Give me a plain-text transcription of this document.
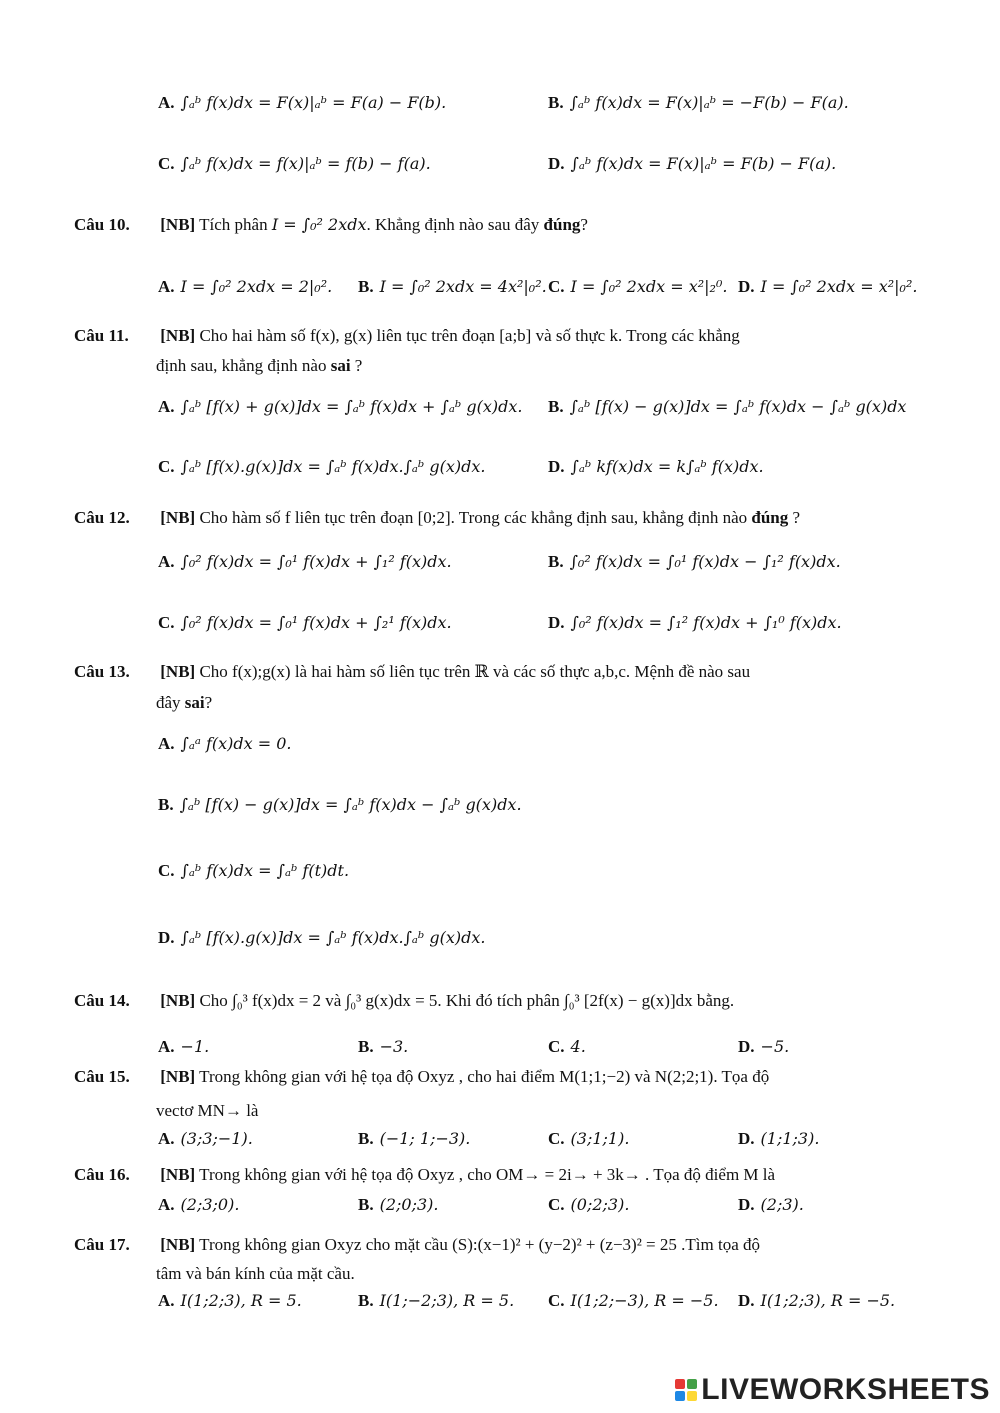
A. ∫ₐᵇ f(x)dx = F(x)|ₐᵇ = F(a) − F(b).	B. ∫ₐᵇ f(x)dx = F(x)|ₐᵇ = −F(b) − F(a).
C. ∫ₐᵇ f(x)dx = f(x)|ₐᵇ = f(b) − f(a).	D. ∫ₐᵇ f(x)dx = F(x)|ₐᵇ = F(b) − F(a).
Câu 10. [NB] Tích phân I = ∫₀² 2xdx. Khẳng định nào sau đây đúng?
A. I = ∫₀² 2xdx = 2|₀². B. I = ∫₀² 2xdx = 4x²|₀². C. I = ∫₀² 2xdx = x²|₂⁰. D. I = ∫₀² 2xdx = x²|₀².
Câu 11. [NB] Cho hai hàm số f(x), g(x) liên tục trên đoạn [a;b] và số thực k. Trong các khẳng
định sau, khẳng định nào sai ?
A. ∫ₐᵇ [f(x) + g(x)]dx = ∫ₐᵇ f(x)dx + ∫ₐᵇ g(x)dx. B. ∫ₐᵇ [f(x) − g(x)]dx = ∫ₐᵇ f(x)dx − ∫ₐᵇ g(x)dx
C. ∫ₐᵇ [f(x).g(x)]dx = ∫ₐᵇ f(x)dx.∫ₐᵇ g(x)dx.	D. ∫ₐᵇ kf(x)dx = k∫ₐᵇ f(x)dx.
Câu 12. [NB] Cho hàm số f liên tục trên đoạn [0;2]. Trong các khẳng định sau, khẳng định nào đúng ?
A. ∫₀² f(x)dx = ∫₀¹ f(x)dx + ∫₁² f(x)dx.	B. ∫₀² f(x)dx = ∫₀¹ f(x)dx − ∫₁² f(x)dx.
C. ∫₀² f(x)dx = ∫₀¹ f(x)dx + ∫₂¹ f(x)dx.	D. ∫₀² f(x)dx = ∫₁² f(x)dx + ∫₁⁰ f(x)dx.
Câu 13. [NB] Cho f(x);g(x) là hai hàm số liên tục trên ℝ và các số thực a,b,c. Mệnh đề nào sau
đây sai?
A. ∫ₐᵃ f(x)dx = 0.
B. ∫ₐᵇ [f(x) − g(x)]dx = ∫ₐᵇ f(x)dx − ∫ₐᵇ g(x)dx.
C. ∫ₐᵇ f(x)dx = ∫ₐᵇ f(t)dt.
D. ∫ₐᵇ [f(x).g(x)]dx = ∫ₐᵇ f(x)dx.∫ₐᵇ g(x)dx.
Câu 14. [NB] Cho ∫₀³ f(x)dx = 2 và ∫₀³ g(x)dx = 5. Khi đó tích phân ∫₀³ [2f(x) − g(x)]dx bằng.
A. −1.	B. −3.	C. 4.	D. −5.
Câu 15. [NB] Trong không gian với hệ tọa độ Oxyz , cho hai điểm M(1;1;−2) và N(2;2;1). Tọa độ
vectơ MN→ là
A. (3;3;−1).	B. (−1; 1;−3).	C. (3;1;1).	D. (1;1;3).
Câu 16. [NB] Trong không gian với hệ tọa độ Oxyz , cho OM→ = 2i→ + 3k→ . Tọa độ điểm M là
A. (2;3;0).	B. (2;0;3).	C. (0;2;3).	D. (2;3).
Câu 17. [NB] Trong không gian Oxyz cho mặt cầu (S):(x−1)² + (y−2)² + (z−3)² = 25 .Tìm tọa độ
tâm và bán kính của mặt cầu.
A. I(1;2;3), R = 5.	B. I(1;−2;3), R = 5. C. I(1;2;−3), R = −5. D. I(1;2;3), R = −5.
LIVEWORKSHEETS
